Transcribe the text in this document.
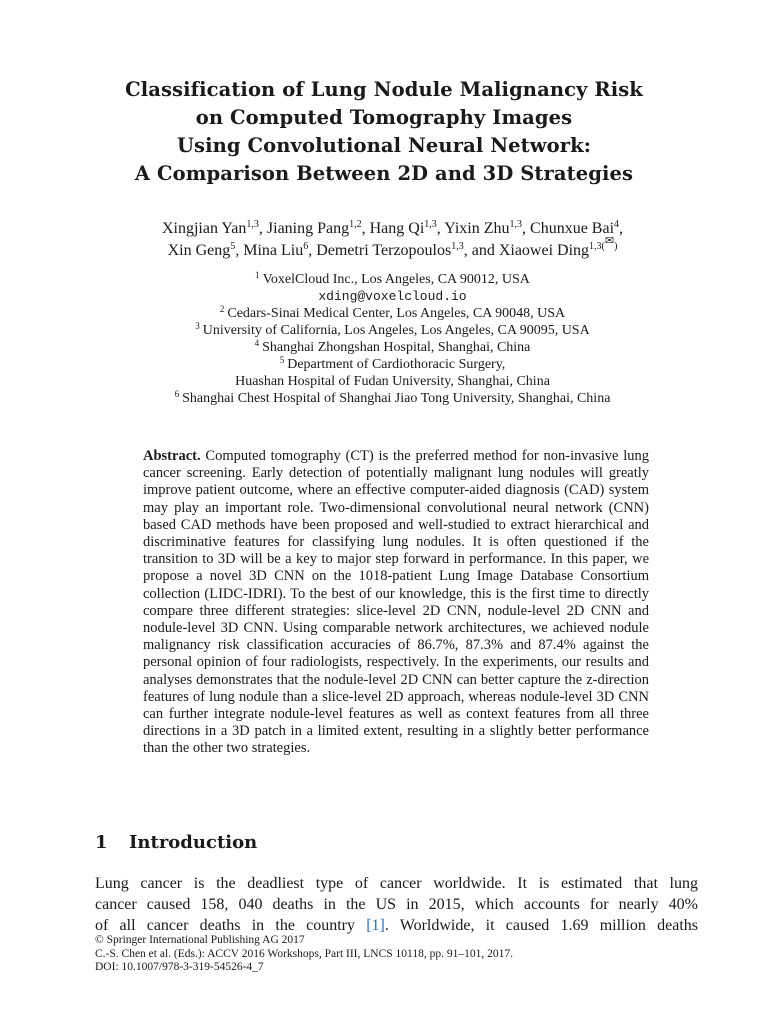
Classification of Lung Nodule Malignancy Risk
on Computed Tomography Images
Using Convolutional Neural Network:
A Comparison Between 2D and 3D Strategies
Xingjian Yan$^{1,3}$, Jianing Pang$^{1,2}$, Hang Qi$^{1,3}$, Yixin Zhu$^{1,3}$, Chunxue Bai$^4$,
Xin Geng$^5$, Mina Liu$^6$, Demetri Terzopoulos$^{1,3}$, and Xiaowei Ding$^{1,3(✉)}$
$^1$ VoxelCloud Inc., Los Angeles, CA 90012, USA
xding@voxelcloud.io
$^2$ Cedars-Sinai Medical Center, Los Angeles, CA 90048, USA
$^3$ University of California, Los Angeles, Los Angeles, CA 90095, USA
$^4$ Shanghai Zhongshan Hospital, Shanghai, China
$^5$ Department of Cardiothoracic Surgery,
Huashan Hospital of Fudan University, Shanghai, China
$^6$ Shanghai Chest Hospital of Shanghai Jiao Tong University, Shanghai, China
Abstract. Computed tomography (CT) is the preferred method for non-invasive lung cancer screening. Early detection of potentially malignant lung nodules will greatly improve patient outcome, where an effective computer-aided diagnosis (CAD) system may play an important role. Two-dimensional convolutional neural network (CNN) based CAD methods have been proposed and well-studied to extract hierarchical and discriminative features for classifying lung nodules. It is often questioned if the transition to 3D will be a key to major step forward in performance. In this paper, we propose a novel 3D CNN on the 1018-patient Lung Image Database Consortium collection (LIDC-IDRI). To the best of our knowledge, this is the first time to directly compare three different strategies: slice-level 2D CNN, nodule-level 2D CNN and nodule-level 3D CNN. Using comparable network architectures, we achieved nodule malignancy risk classification accuracies of 86.7%, 87.3% and 87.4% against the personal opinion of four radiologists, respectively. In the experiments, our results and analyses demonstrates that the nodule-level 2D CNN can better capture the z-direction features of lung nodule than a slice-level 2D approach, whereas nodule-level 3D CNN can further integrate nodule-level features as well as context features from all three directions in a 3D patch in a limited extent, resulting in a slightly better performance than the other two strategies.
1 Introduction
Lung cancer is the deadliest type of cancer worldwide. It is estimated that lung
cancer caused 158, 040 deaths in the US in 2015, which accounts for nearly 40%
of all cancer deaths in the country [1]. Worldwide, it caused 1.69 million deaths
© Springer International Publishing AG 2017
C.-S. Chen et al. (Eds.): ACCV 2016 Workshops, Part III, LNCS 10118, pp. 91–101, 2017.
DOI: 10.1007/978-3-319-54526-4_7
